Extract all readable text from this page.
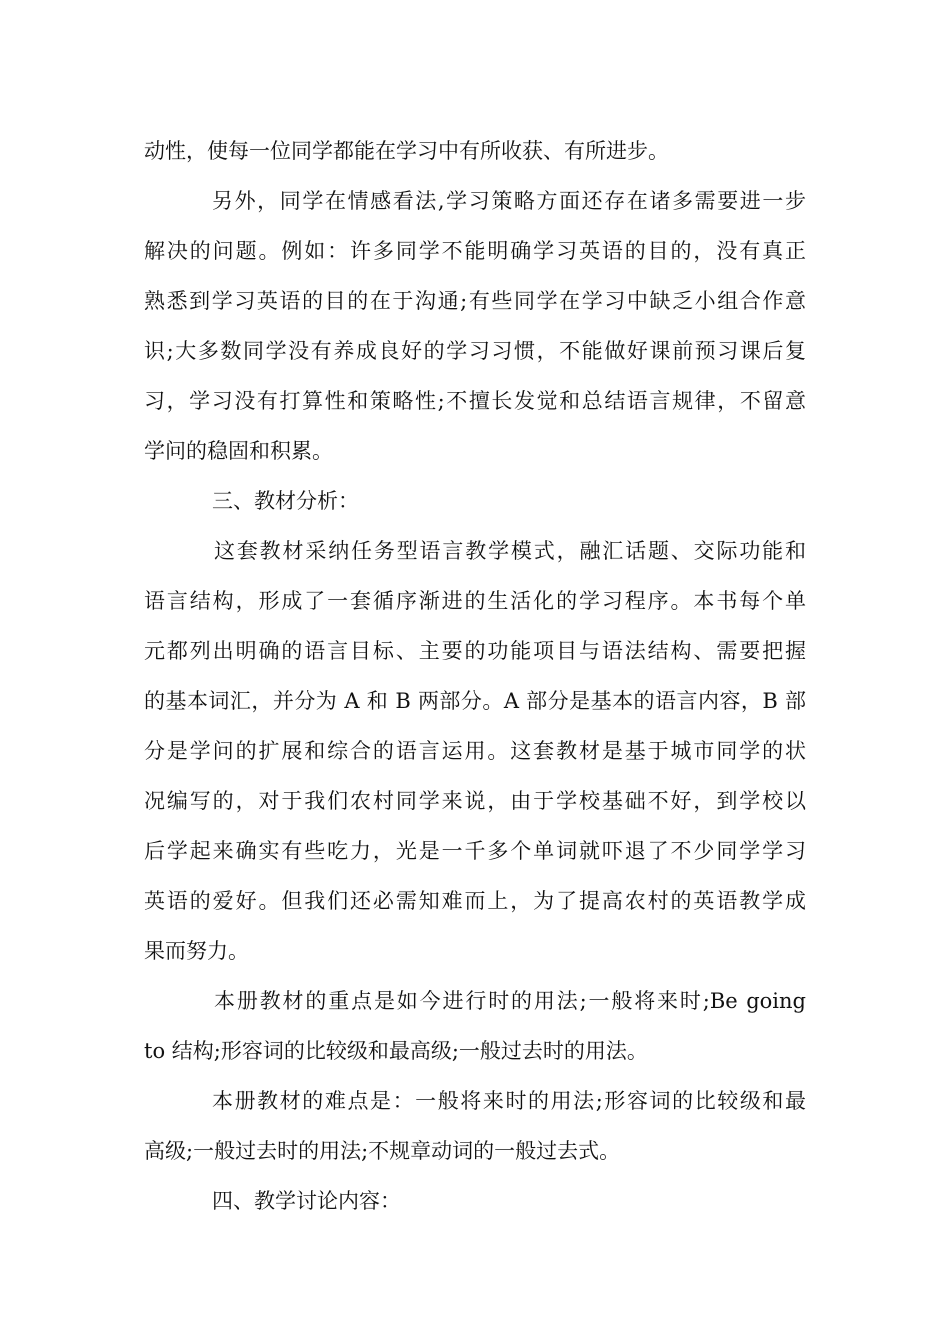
动性，使每一位同学都能在学习中有所收获、有所进步。
另外，同学在情感看法,学习策略方面还存在诸多需要进一步
解决的问题。例如：许多同学不能明确学习英语的目的，没有真正
熟悉到学习英语的目的在于沟通;有些同学在学习中缺乏小组合作意
识;大多数同学没有养成良好的学习习惯，不能做好课前预习课后复
习，学习没有打算性和策略性;不擅长发觉和总结语言规律，不留意
学问的稳固和积累。
三、教材分析：
这套教材采纳任务型语言教学模式，融汇话题、交际功能和
语言结构，形成了一套循序渐进的生活化的学习程序。本书每个单
元都列出明确的语言目标、主要的功能项目与语法结构、需要把握
的基本词汇，并分为 A 和 B 两部分。A 部分是基本的语言内容，B 部
分是学问的扩展和综合的语言运用。这套教材是基于城市同学的状
况编写的，对于我们农村同学来说，由于学校基础不好，到学校以
后学起来确实有些吃力，光是一千多个单词就吓退了不少同学学习
英语的爱好。但我们还必需知难而上，为了提高农村的英语教学成
果而努力。
本册教材的重点是如今进行时的用法;一般将来时;Be going
to 结构;形容词的比较级和最高级;一般过去时的用法。
本册教材的难点是：一般将来时的用法;形容词的比较级和最
高级;一般过去时的用法;不规章动词的一般过去式。
四、教学讨论内容：
